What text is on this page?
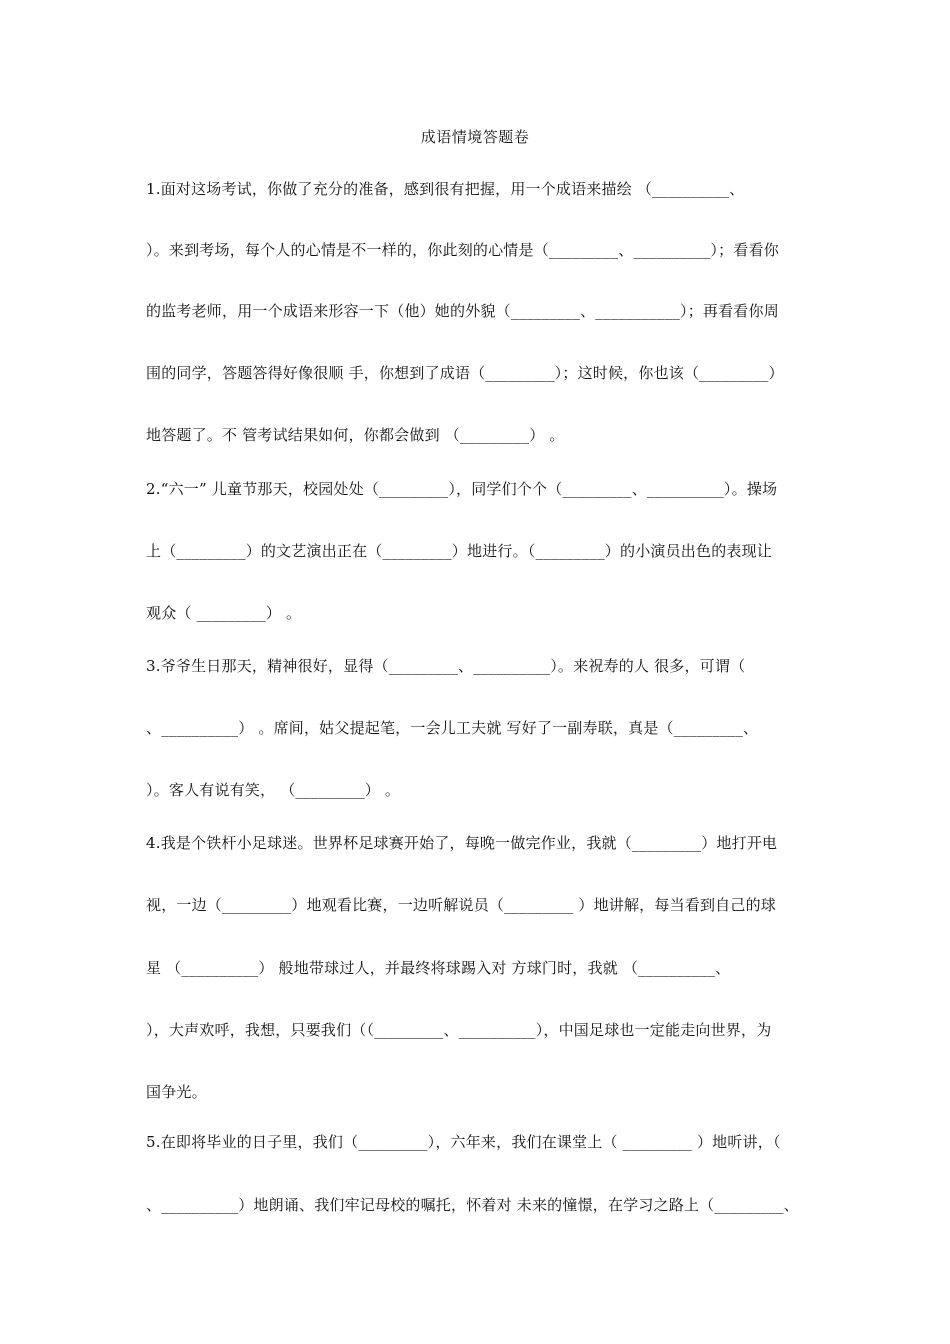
成语情境答题卷
1.面对这场考试，你做了充分的准备，感到很有把握，用一个成语来描绘 （__________、
）。来到考场，每个人的心情是不一样的，你此刻的心情是（_________、__________）；看看你
的监考老师，用一个成语来形容一下（他）她的外貌（_________、___________）；再看看你周
围的同学，答题答得好像很顺 手，你想到了成语（_________）；这时候，你也该（_________）
地答题了。不 管考试结果如何，你都会做到 （_________） 。
2.“六一” 儿童节那天，校园处处（_________），同学们个个（_________、__________）。操场
上（_________）的文艺演出正在（_________）地进行。（_________）的小演员出色的表现让
观众（ _________） 。
3.爷爷生日那天，精神很好，显得（_________、__________）。来祝寿的人 很多，可谓（
、__________） 。席间，姑父提起笔，一会儿工夫就 写好了一副寿联，真是（_________、
）。客人有说有笑， （_________） 。
4.我是个铁杆小足球迷。世界杯足球赛开始了，每晚一做完作业，我就（_________）地打开电
视，一边（_________）地观看比赛，一边听解说员（_________ ）地讲解，每当看到自己的球
星 （__________） 般地带球过人，并最终将球踢入对 方球门时，我就 （__________、
），大声欢呼，我想，只要我们（（_________、__________），中国足球也一定能走向世界，为
国争光。
5.在即将毕业的日子里，我们（_________），六年来，我们在课堂上（ _________ ）地听讲，（
、__________）地朗诵、我们牢记母校的嘱托，怀着对 未来的憧憬，在学习之路上（_________、
